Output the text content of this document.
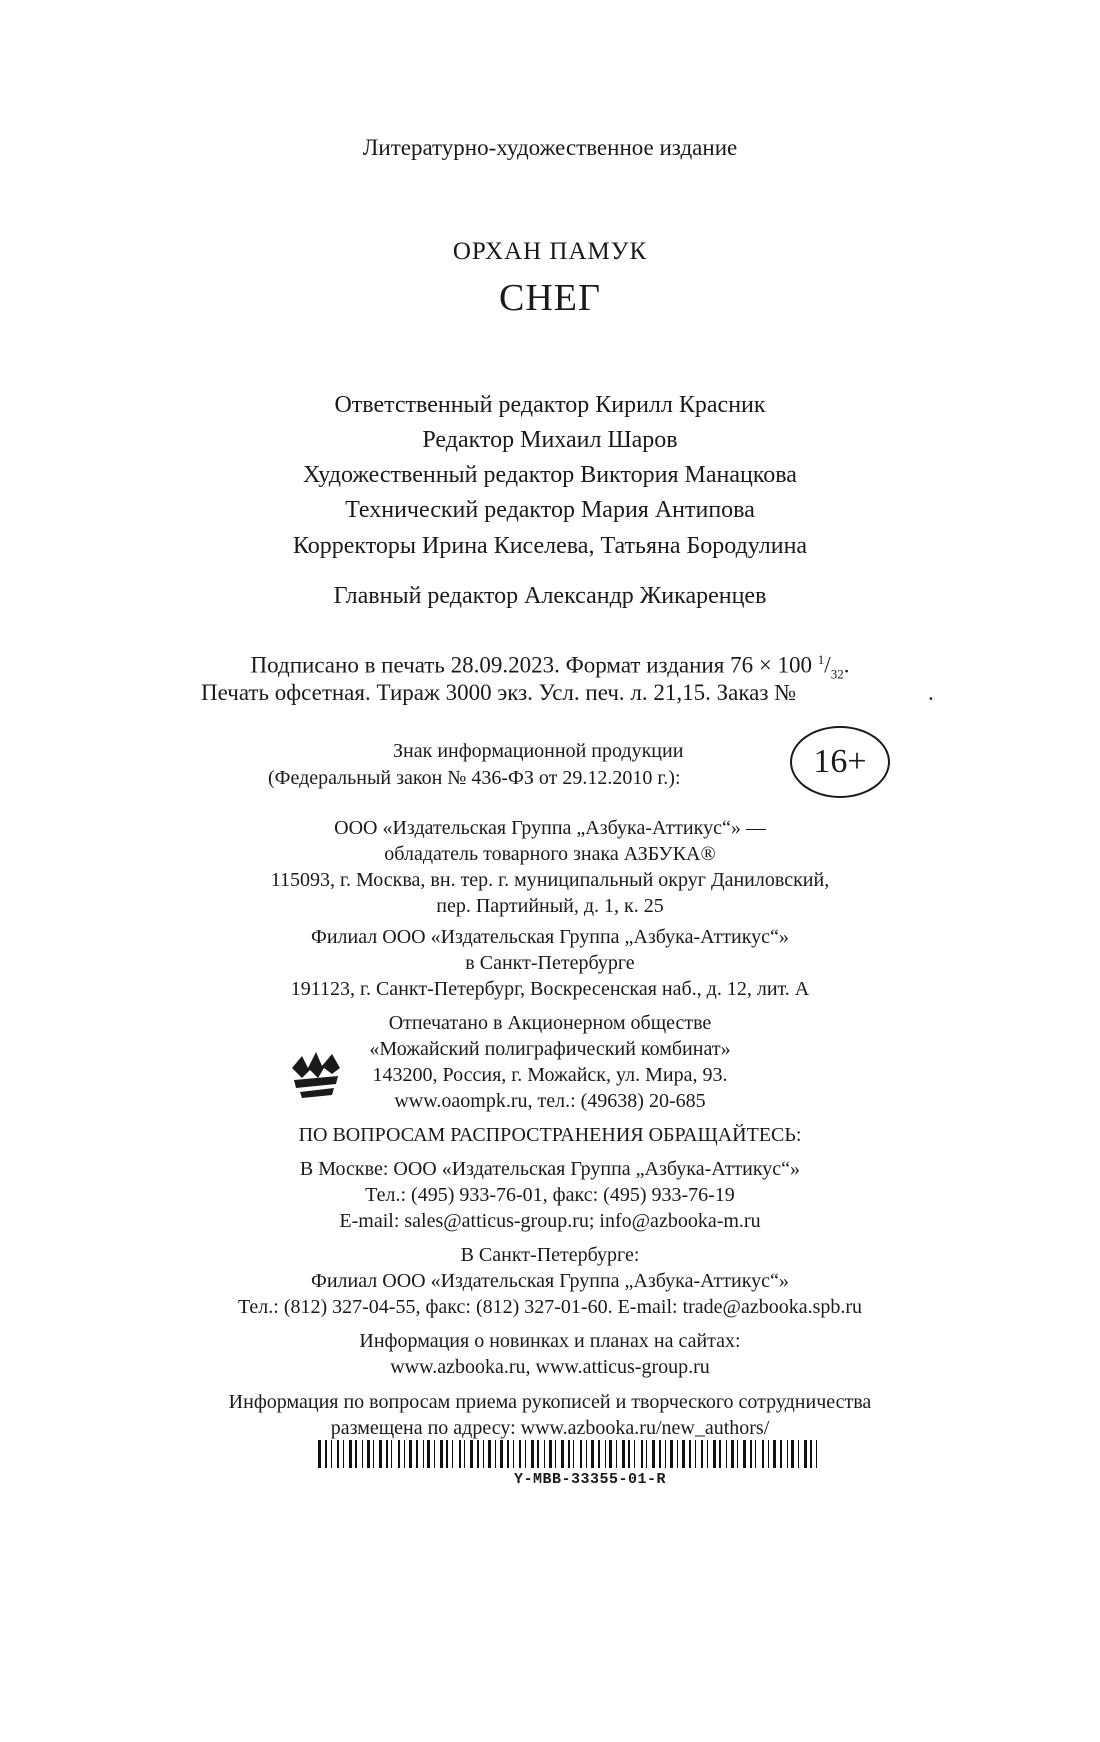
Литературно-художественное издание
ОРХАН ПАМУК
СНЕГ
Ответственный редактор Кирилл Красник
Редактор Михаил Шаров
Художественный редактор Виктория Манацкова
Технический редактор Мария Антипова
Корректоры Ирина Киселева, Татьяна Бородулина
Главный редактор Александр Жикаренцев
Подписано в печать 28.09.2023. Формат издания 76 × 100 $^1/_{32}$.
Печать офсетная. Тираж 3000 экз. Усл. печ. л. 21,15. Заказ №	.
Знак информационной продукции
(Федеральный закон № 436-ФЗ от 29.12.2010 г.):	16+
ООО «Издательская Группа „Азбука-Аттикус“» —
обладатель товарного знака АЗБУКА®
115093, г. Москва, вн. тер. г. муниципальный округ Даниловский,
пер. Партийный, д. 1, к. 25
Филиал ООО «Издательская Группа „Азбука-Аттикус“»
в Санкт-Петербурге
191123, г. Санкт-Петербург, Воскресенская наб., д. 12, лит. А
Отпечатано в Акционерном обществе
«Можайский полиграфический комбинат»
143200, Россия, г. Можайск, ул. Мира, 93.
www.oaompk.ru, тел.: (49638) 20-685
ПО ВОПРОСАМ РАСПРОСТРАНЕНИЯ ОБРАЩАЙТЕСЬ:
В Москве: ООО «Издательская Группа „Азбука-Аттикус“»
Тел.: (495) 933-76-01, факс: (495) 933-76-19
E-mail: sales@atticus-group.ru; info@azbooka-m.ru
В Санкт-Петербурге:
Филиал ООО «Издательская Группа „Азбука-Аттикус“»
Тел.: (812) 327-04-55, факс: (812) 327-01-60. E-mail: trade@azbooka.spb.ru
Информация о новинках и планах на сайтах:
www.azbooka.ru, www.atticus-group.ru
Информация по вопросам приема рукописей и творческого сотрудничества
размещена по адресу: www.azbooka.ru/new_authors/
Y-MBB-33355-01-R
